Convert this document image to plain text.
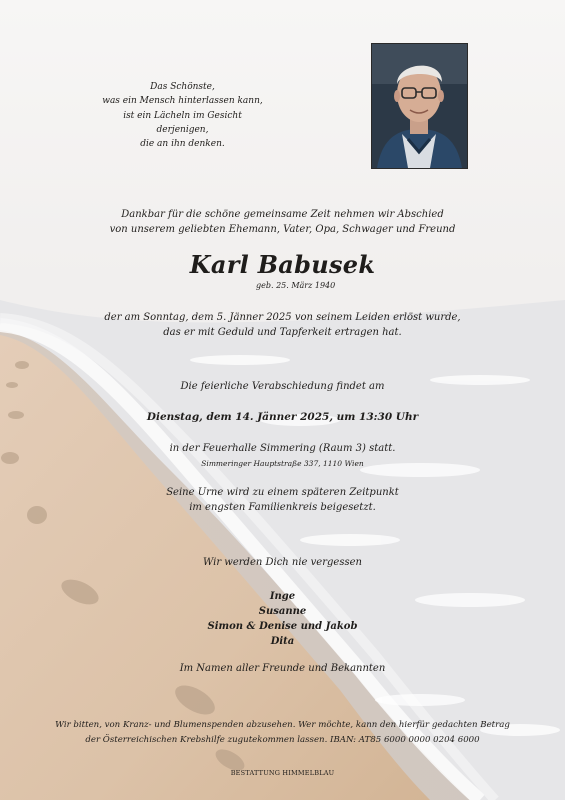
Das Schönste,
was ein Mensch hinterlassen kann,
ist ein Lächeln im Gesicht derjenigen,
die an ihn denken.
Dankbar für die schöne gemeinsame Zeit nehmen wir Abschied
von unserem geliebten Ehemann, Vater, Opa, Schwager und Freund
Karl Babusek
geb. 25. März 1940
der am Sonntag, dem 5. Jänner 2025 von seinem Leiden erlöst wurde,
das er mit Geduld und Tapferkeit ertragen hat.
Die feierliche Verabschiedung findet am
Dienstag, dem 14. Jänner 2025, um 13:30 Uhr
in der Feuerhalle Simmering (Raum 3) statt.
Simmeringer Hauptstraße 337, 1110 Wien
Seine Urne wird zu einem späteren Zeitpunkt
im engsten Familienkreis beigesetzt.
Wir werden Dich nie vergessen
Inge
Susanne
Simon & Denise und Jakob
Dita
Im Namen aller Freunde und Bekannten
Wir bitten, von Kranz- und Blumenspenden abzusehen. Wer möchte, kann den hierfür gedachten Betrag
der Österreichischen Krebshilfe zugutekommen lassen. IBAN: AT85 6000 0000 0204 6000
BESTATTUNG HIMMELBLAU
